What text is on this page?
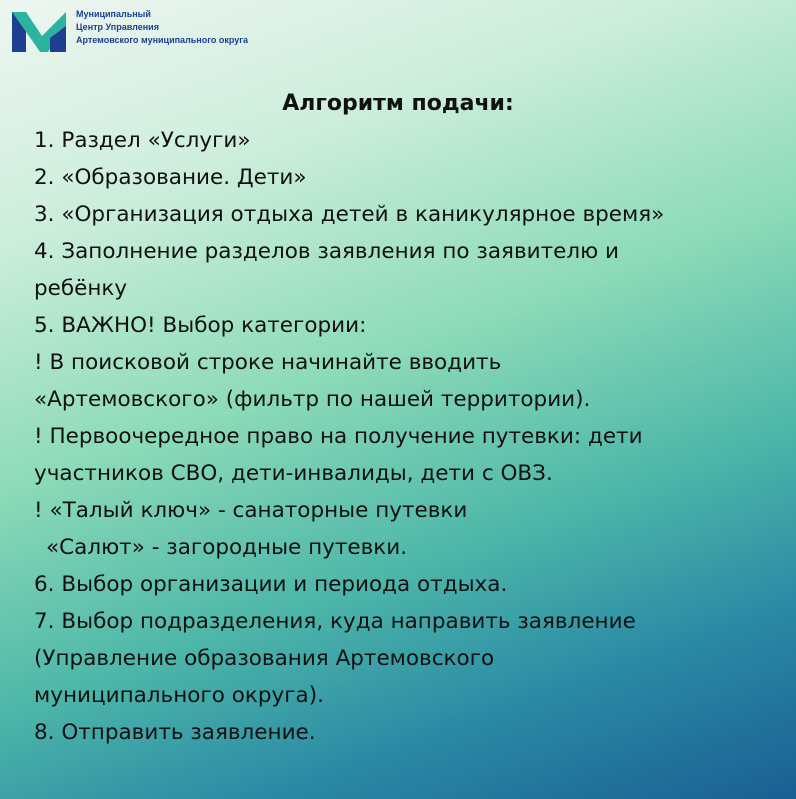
Муниципальный
Центр Управления
Артемовского муниципального округа
Алгоритм подачи:
1. Раздел «Услуги»
2. «Образование. Дети»
3. «Организация отдыха детей в каникулярное время»
4. Заполнение разделов заявления по заявителю и
ребёнку
5. ВАЖНО! Выбор категории:
! В поисковой строке начинайте вводить
«Артемовского» (фильтр по нашей территории).
! Первоочередное право на получение путевки: дети
участников СВО, дети-инвалиды, дети с ОВЗ.
! «Талый ключ» - санаторные путевки
«Салют» - загородные путевки.
6. Выбор организации и периода отдыха.
7. Выбор подразделения, куда направить заявление
(Управление образования Артемовского
муниципального округа).
8. Отправить заявление.
